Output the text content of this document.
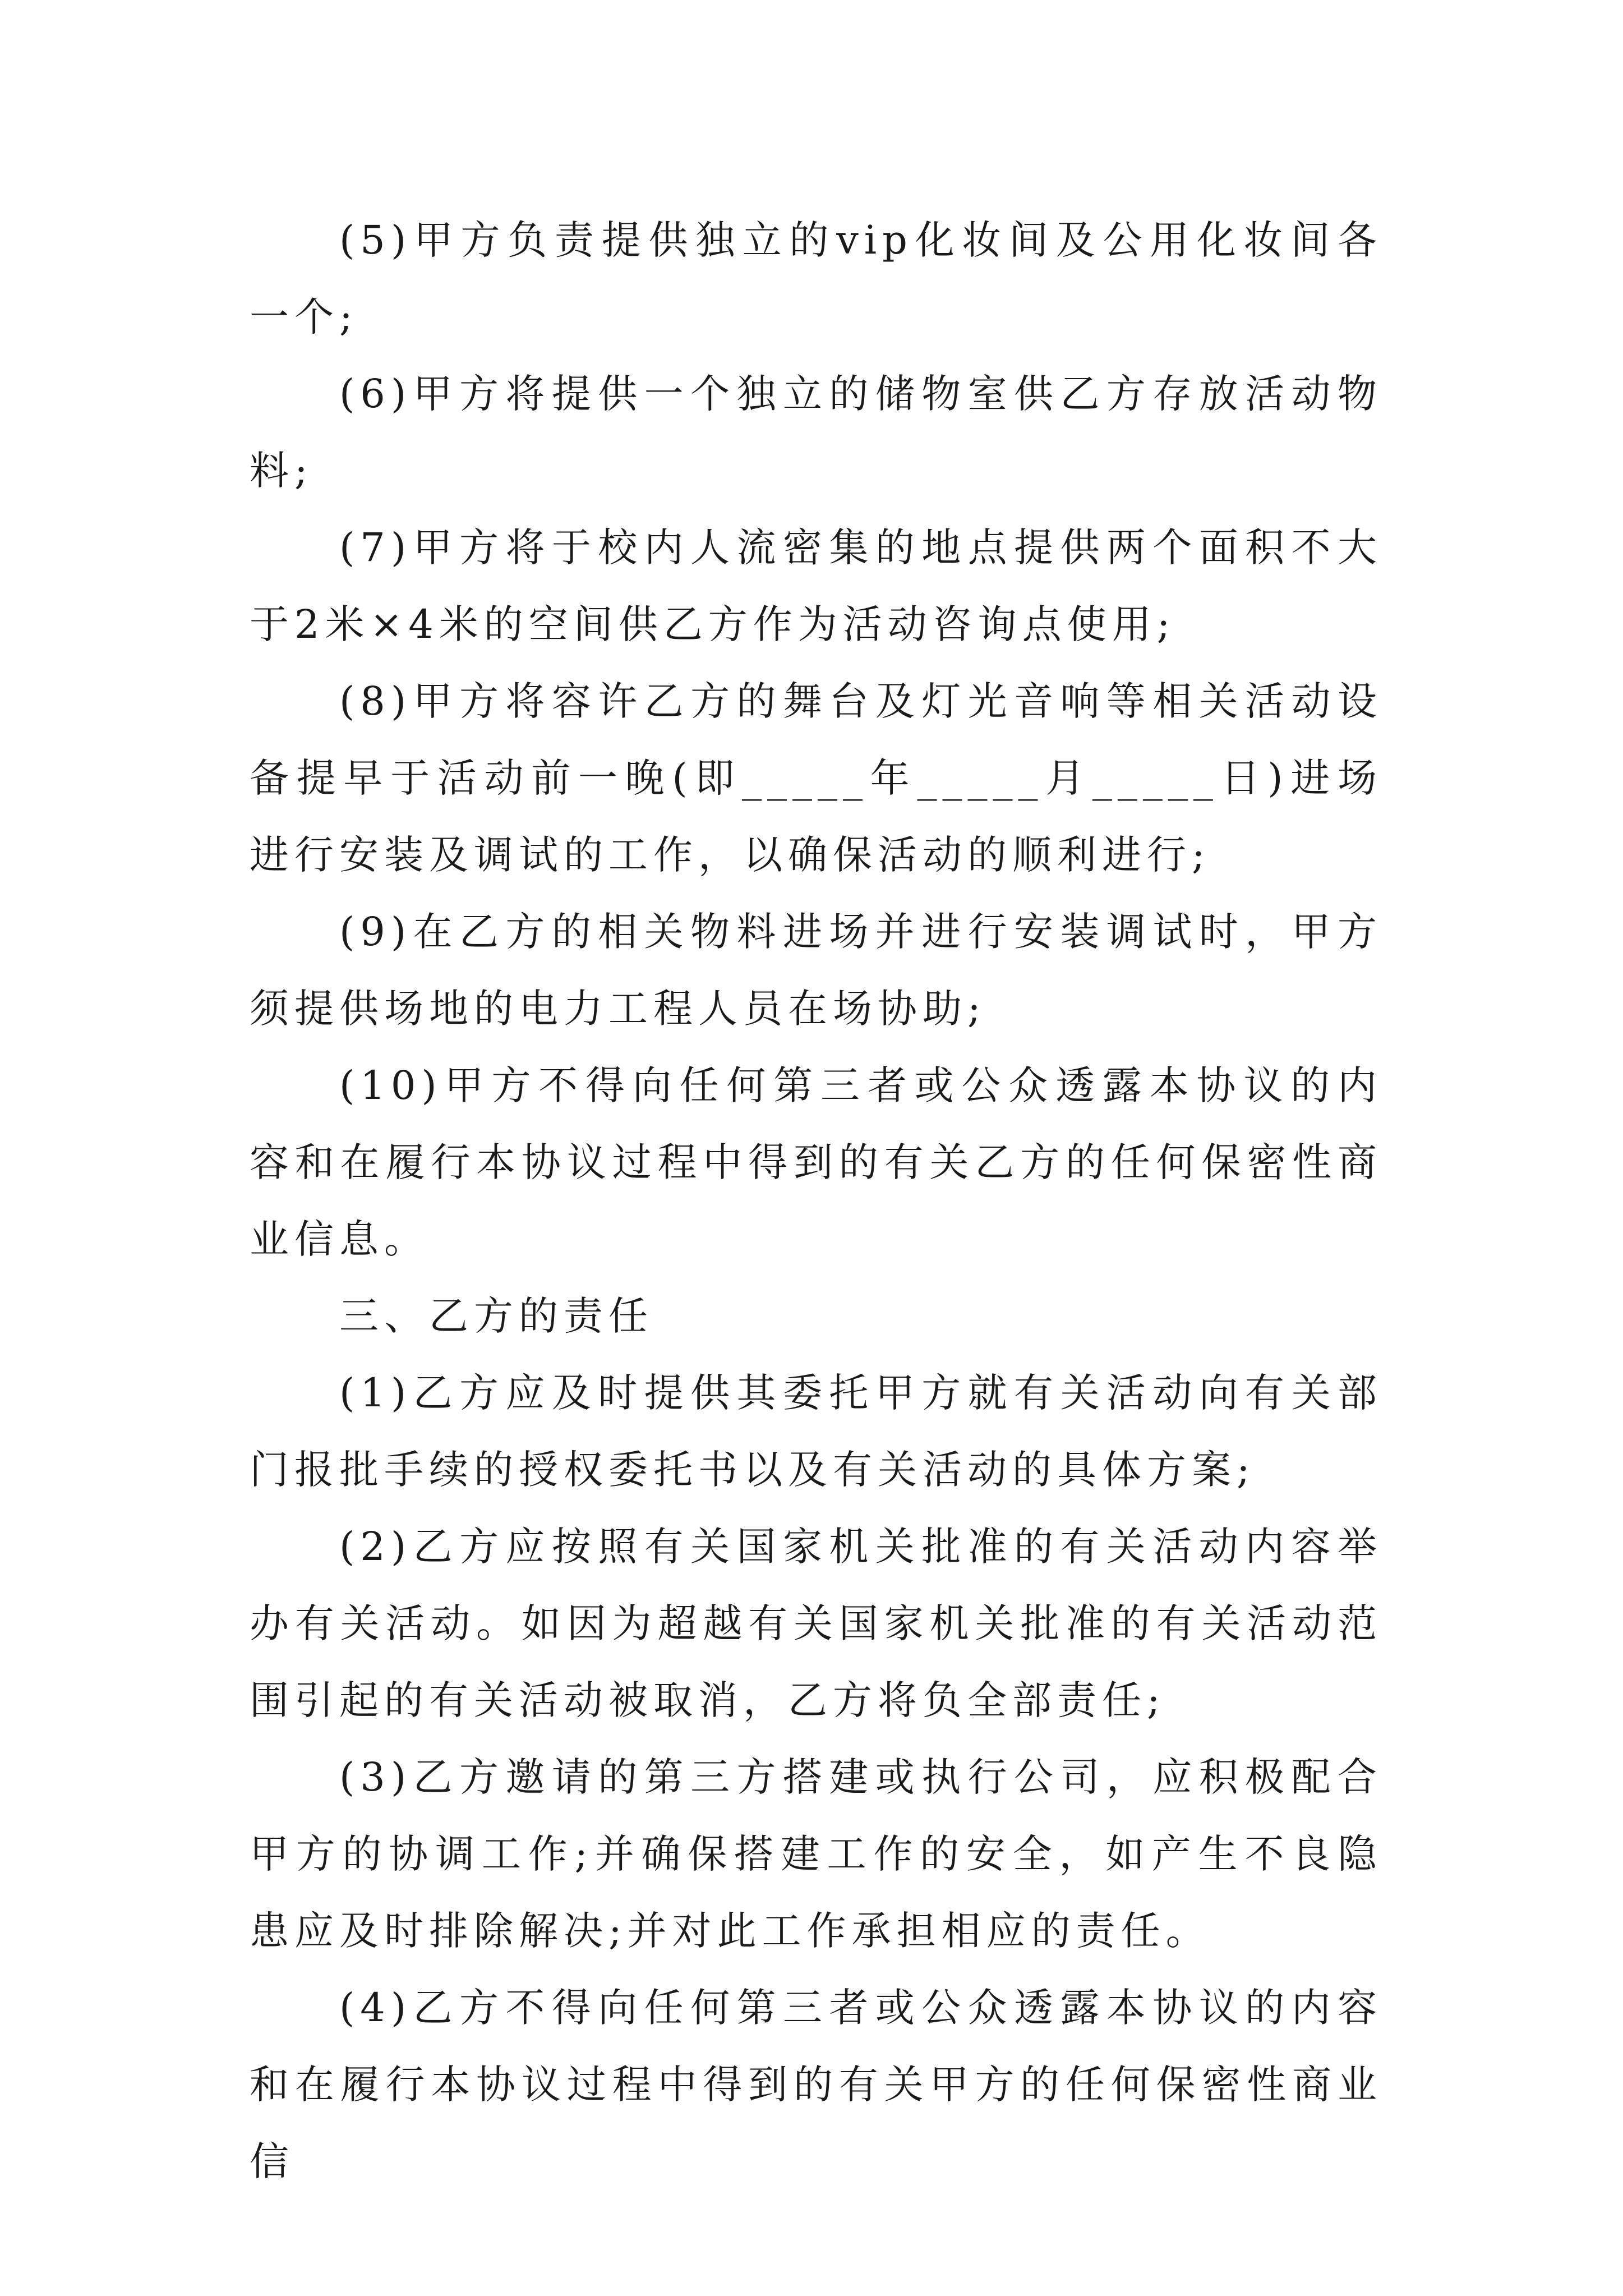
(5)甲方负责提供独立的vip化妆间及公用化妆间各一个;

(6)甲方将提供一个独立的储物室供乙方存放活动物料;

(7)甲方将于校内人流密集的地点提供两个面积不大于2米×4米的空间供乙方作为活动咨询点使用;

(8)甲方将容许乙方的舞台及灯光音响等相关活动设备提早于活动前一晚(即_____年_____月_____日)进场进行安装及调试的工作，以确保活动的顺利进行;

(9)在乙方的相关物料进场并进行安装调试时，甲方须提供场地的电力工程人员在场协助;

(10)甲方不得向任何第三者或公众透露本协议的内容和在履行本协议过程中得到的有关乙方的任何保密性商业信息。

三、乙方的责任

(1)乙方应及时提供其委托甲方就有关活动向有关部门报批手续的授权委托书以及有关活动的具体方案;

(2)乙方应按照有关国家机关批准的有关活动内容举办有关活动。如因为超越有关国家机关批准的有关活动范围引起的有关活动被取消，乙方将负全部责任;

(3)乙方邀请的第三方搭建或执行公司，应积极配合甲方的协调工作;并确保搭建工作的安全，如产生不良隐患应及时排除解决;并对此工作承担相应的责任。

(4)乙方不得向任何第三者或公众透露本协议的内容和在履行本协议过程中得到的有关甲方的任何保密性商业信
